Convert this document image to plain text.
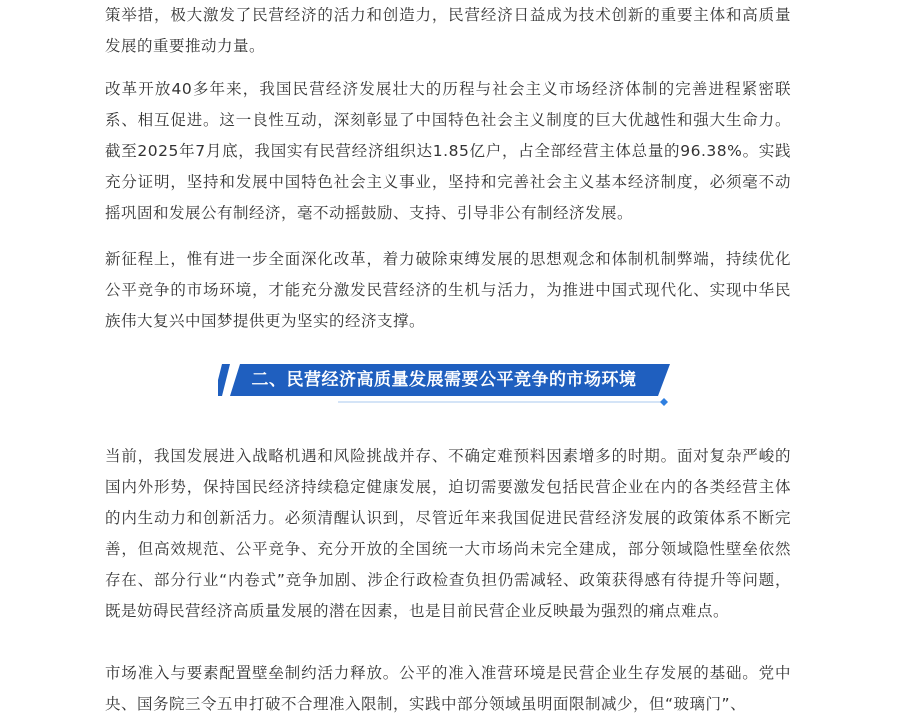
策举措，极大激发了民营经济的活力和创造力，民营经济日益成为技术创新的重要主体和高质量发展的重要推动力量。

改革开放40多年来，我国民营经济发展壮大的历程与社会主义市场经济体制的完善进程紧密联系、相互促进。这一良性互动，深刻彰显了中国特色社会主义制度的巨大优越性和强大生命力。截至2025年7月底，我国实有民营经济组织达1.85亿户，占全部经营主体总量的96.38%。实践充分证明，坚持和发展中国特色社会主义事业，坚持和完善社会主义基本经济制度，必须毫不动摇巩固和发展公有制经济，毫不动摇鼓励、支持、引导非公有制经济发展。

新征程上，惟有进一步全面深化改革，着力破除束缚发展的思想观念和体制机制弊端，持续优化公平竞争的市场环境，才能充分激发民营经济的生机与活力，为推进中国式现代化、实现中华民族伟大复兴中国梦提供更为坚实的经济支撑。

当前，我国发展进入战略机遇和风险挑战并存、不确定难预料因素增多的时期。面对复杂严峻的国内外形势，保持国民经济持续稳定健康发展，迫切需要激发包括民营企业在内的各类经营主体的内生动力和创新活力。必须清醒认识到，尽管近年来我国促进民营经济发展的政策体系不断完善，但高效规范、公平竞争、充分开放的全国统一大市场尚未完全建成，部分领域隐性壁垒依然存在、部分行业“内卷式”竞争加剧、涉企行政检查负担仍需减轻、政策获得感有待提升等问题，既是妨碍民营经济高质量发展的潜在因素，也是目前民营企业反映最为强烈的痛点难点。

市场准入与要素配置壁垒制约活力释放。公平的准入准营环境是民营企业生存发展的基础。党中央、国务院三令五申打破不合理准入限制，实践中部分领域虽明面限制减少，但“玻璃门”、

二、民营经济高质量发展需要公平竞争的市场环境
